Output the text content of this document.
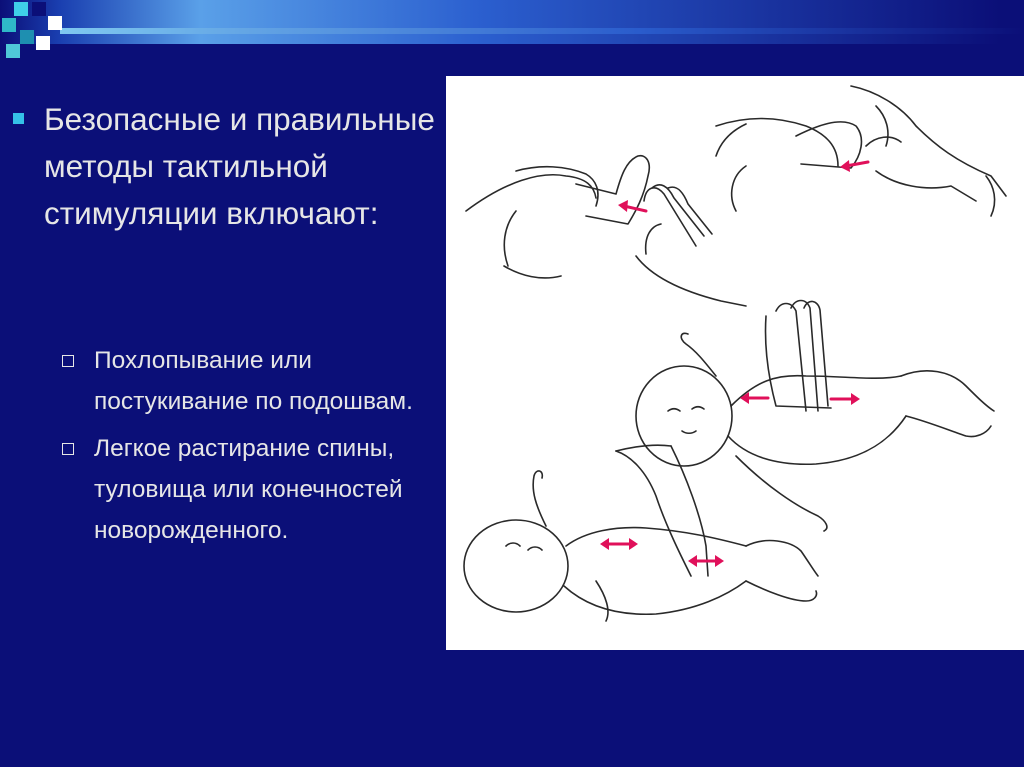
Безопасные и правильные методы тактильной стимуляции включают:
Похлопывание или постукивание по подошвам.
Легкое растирание спины, туловища или конечностей новорожденного.
